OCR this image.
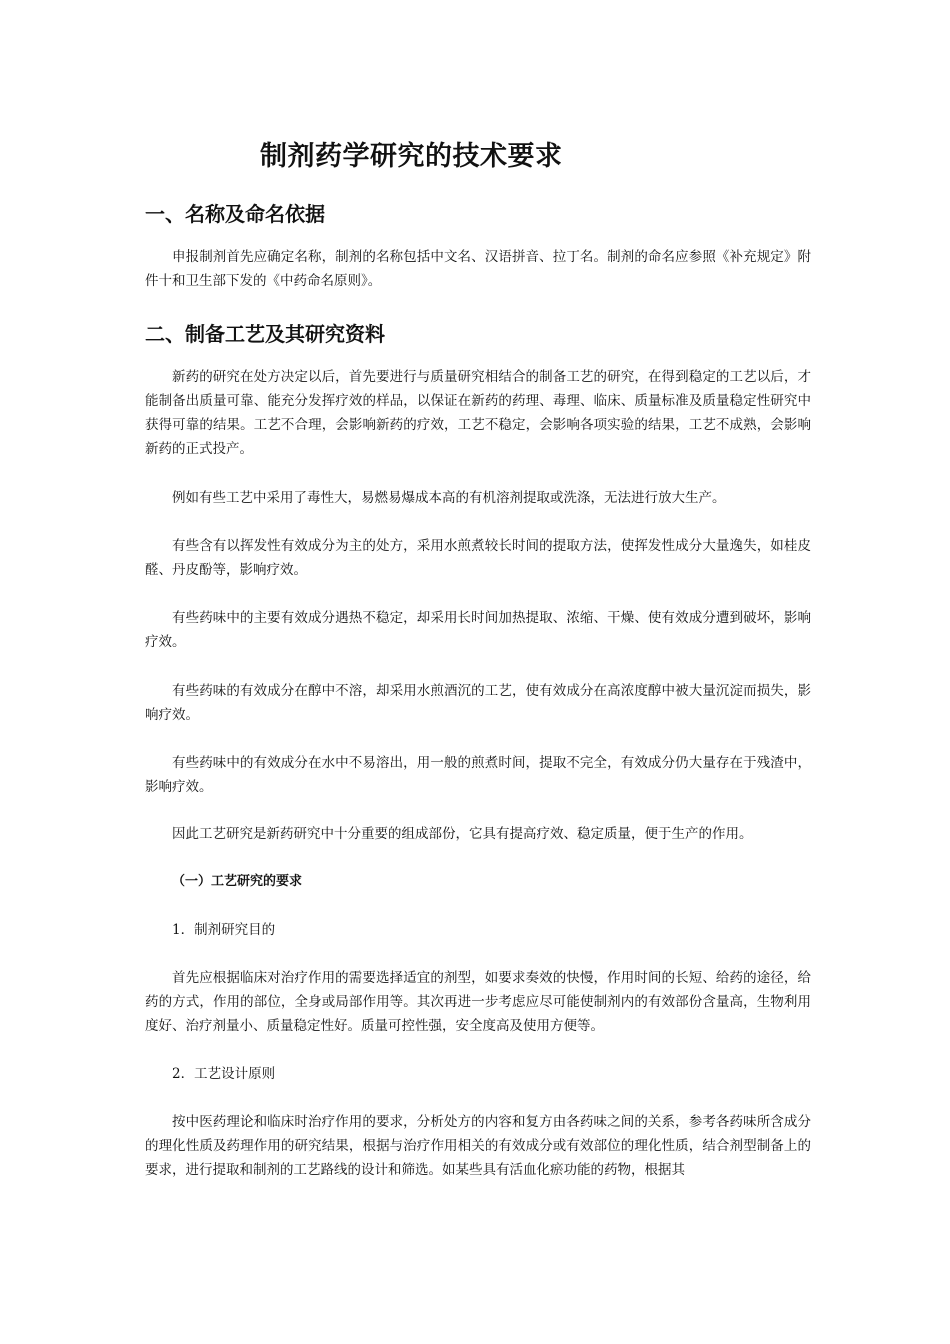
制剂药学研究的技术要求
一、名称及命名依据

申报制剂首先应确定名称，制剂的名称包括中文名、汉语拼音、拉丁名。制剂的命名应参照《补充规定》附件十和卫生部下发的《中药命名原则》。

二、制备工艺及其研究资料

新药的研究在处方决定以后，首先要进行与质量研究相结合的制备工艺的研究，在得到稳定的工艺以后，才能制备出质量可靠、能充分发挥疗效的样品，以保证在新药的药理、毒理、临床、质量标准及质量稳定性研究中获得可靠的结果。工艺不合理，会影响新药的疗效，工艺不稳定，会影响各项实验的结果，工艺不成熟，会影响新药的正式投产。

例如有些工艺中采用了毒性大，易燃易爆成本高的有机溶剂提取或洗涤，无法进行放大生产。

有些含有以挥发性有效成分为主的处方，采用水煎煮较长时间的提取方法，使挥发性成分大量逸失，如桂皮醛、丹皮酚等，影响疗效。

有些药味中的主要有效成分遇热不稳定，却采用长时间加热提取、浓缩、干燥、使有效成分遭到破坏，影响疗效。

有些药味的有效成分在醇中不溶，却采用水煎酒沉的工艺，使有效成分在高浓度醇中被大量沉淀而损失，影响疗效。

有些药味中的有效成分在水中不易溶出，用一般的煎煮时间，提取不完全，有效成分仍大量存在于残渣中，影响疗效。

因此工艺研究是新药研究中十分重要的组成部份，它具有提高疗效、稳定质量，便于生产的作用。

（一）工艺研究的要求

1．制剂研究目的

首先应根据临床对治疗作用的需要选择适宜的剂型，如要求奏效的快慢，作用时间的长短、给药的途径，给药的方式，作用的部位，全身或局部作用等。其次再进一步考虑应尽可能使制剂内的有效部份含量高，生物利用度好、治疗剂量小、质量稳定性好。质量可控性强，安全度高及使用方便等。

2．工艺设计原则

按中医药理论和临床时治疗作用的要求，分析处方的内容和复方由各药味之间的关系，参考各药味所含成分的理化性质及药理作用的研究结果，根据与治疗作用相关的有效成分或有效部位的理化性质，结合剂型制备上的要求，进行提取和制剂的工艺路线的设计和筛选。如某些具有活血化瘀功能的药物，根据其
